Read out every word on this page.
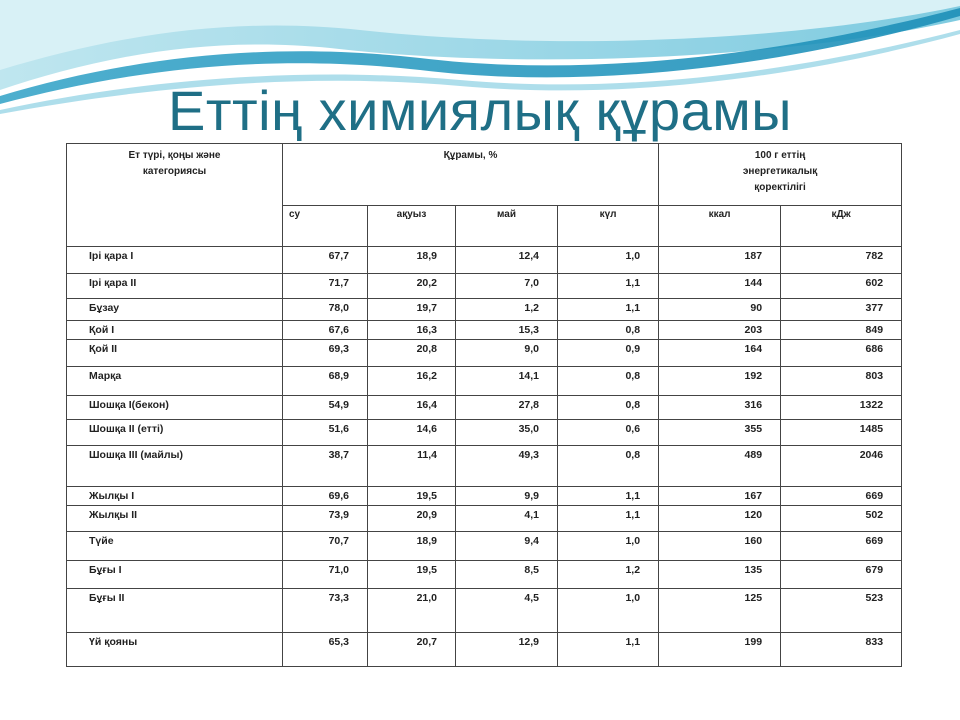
Еттің химиялық құрамы
Ет түрі, қоңы және категориясы	Құрамы, %				100 г еттің энергетикалық қоректілігі	
	су	ақуыз	май	күл	ккал	кДж
Ірі қара І	67,7	18,9	12,4	1,0	187	782
Ірі қара ІІ	71,7	20,2	7,0	1,1	144	602
Бұзау	78,0	19,7	1,2	1,1	90	377
Қой І	67,6	16,3	15,3	0,8	203	849
Қой ІІ	69,3	20,8	9,0	0,9	164	686
Марқа	68,9	16,2	14,1	0,8	192	803
Шошқа І(бекон)	54,9	16,4	27,8	0,8	316	1322
Шошқа ІІ (етті)	51,6	14,6	35,0	0,6	355	1485
Шошқа ІІІ (майлы)	38,7	11,4	49,3	0,8	489	2046
Жылқы І	69,6	19,5	9,9	1,1	167	669
Жылқы ІІ	73,9	20,9	4,1	1,1	120	502
Түйе	70,7	18,9	9,4	1,0	160	669
Бұғы І	71,0	19,5	8,5	1,2	135	679
Бұғы ІІ	73,3	21,0	4,5	1,0	125	523
Үй қояны	65,3	20,7	12,9	1,1	199	833
